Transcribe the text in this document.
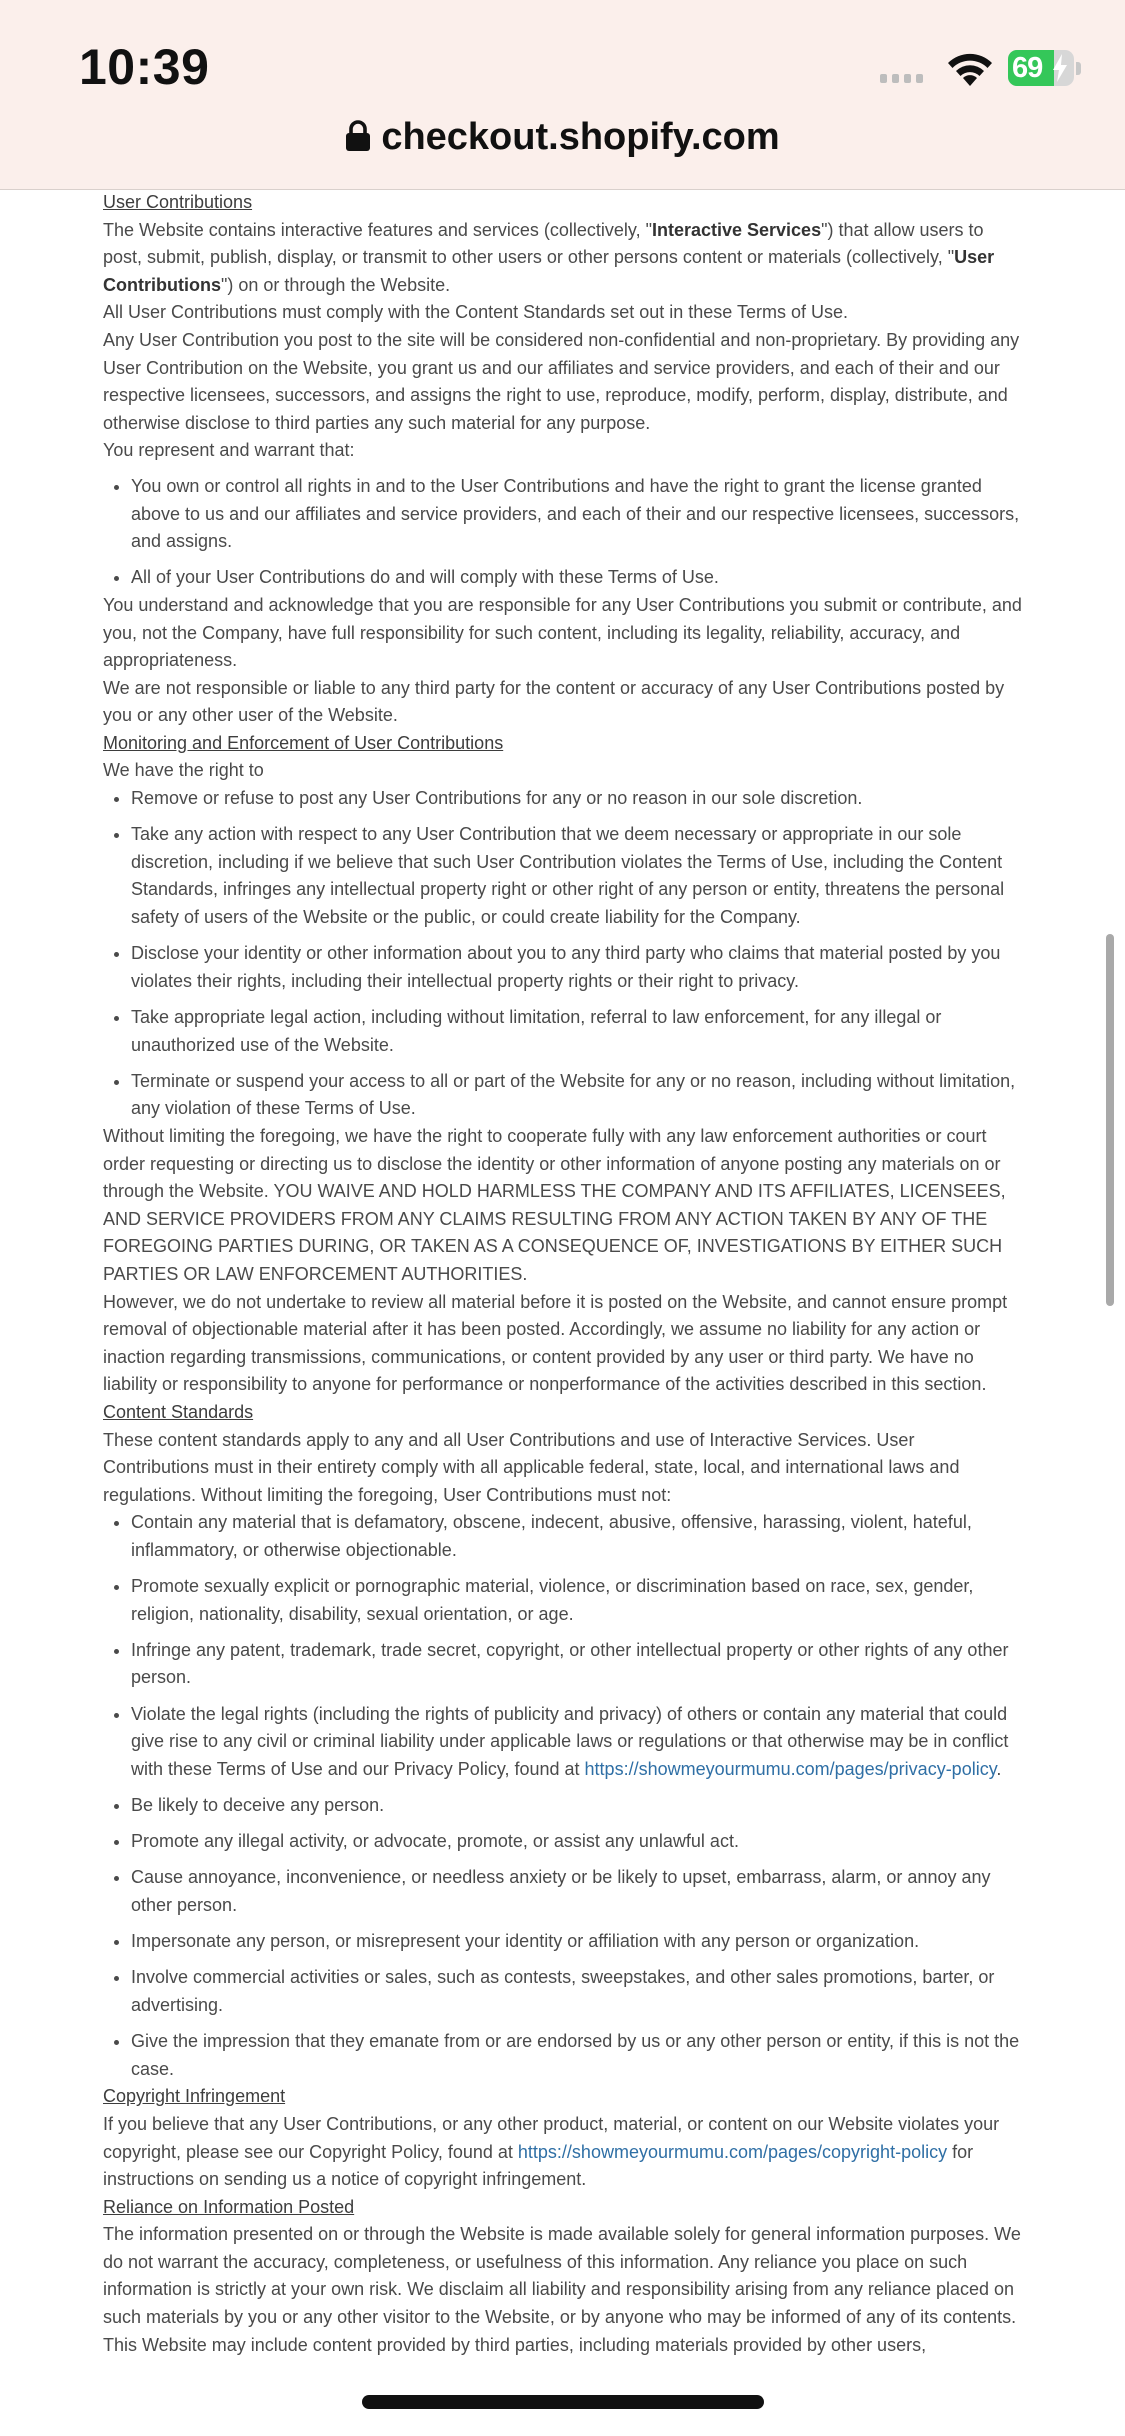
10:39	69
checkout.shopify.com
User Contributions

The Website contains interactive features and services (collectively, "Interactive Services") that allow users to post, submit, publish, display, or transmit to other users or other persons content or materials (collectively, "User Contributions") on or through the Website.

All User Contributions must comply with the Content Standards set out in these Terms of Use.

Any User Contribution you post to the site will be considered non-confidential and non-proprietary. By providing any User Contribution on the Website, you grant us and our affiliates and service providers, and each of their and our respective licensees, successors, and assigns the right to use, reproduce, modify, perform, display, distribute, and otherwise disclose to third parties any such material for any purpose.

You represent and warrant that:

• You own or control all rights in and to the User Contributions and have the right to grant the license granted above to us and our affiliates and service providers, and each of their and our respective licensees, successors, and assigns.
• All of your User Contributions do and will comply with these Terms of Use.

You understand and acknowledge that you are responsible for any User Contributions you submit or contribute, and you, not the Company, have full responsibility for such content, including its legality, reliability, accuracy, and appropriateness.

We are not responsible or liable to any third party for the content or accuracy of any User Contributions posted by you or any other user of the Website.

Monitoring and Enforcement of User Contributions

We have the right to

• Remove or refuse to post any User Contributions for any or no reason in our sole discretion.
• Take any action with respect to any User Contribution that we deem necessary or appropriate in our sole discretion, including if we believe that such User Contribution violates the Terms of Use, including the Content Standards, infringes any intellectual property right or other right of any person or entity, threatens the personal safety of users of the Website or the public, or could create liability for the Company.
• Disclose your identity or other information about you to any third party who claims that material posted by you violates their rights, including their intellectual property rights or their right to privacy.
• Take appropriate legal action, including without limitation, referral to law enforcement, for any illegal or unauthorized use of the Website.
• Terminate or suspend your access to all or part of the Website for any or no reason, including without limitation, any violation of these Terms of Use.

Without limiting the foregoing, we have the right to cooperate fully with any law enforcement authorities or court order requesting or directing us to disclose the identity or other information of anyone posting any materials on or through the Website. YOU WAIVE AND HOLD HARMLESS THE COMPANY AND ITS AFFILIATES, LICENSEES, AND SERVICE PROVIDERS FROM ANY CLAIMS RESULTING FROM ANY ACTION TAKEN BY ANY OF THE FOREGOING PARTIES DURING, OR TAKEN AS A CONSEQUENCE OF, INVESTIGATIONS BY EITHER SUCH PARTIES OR LAW ENFORCEMENT AUTHORITIES.

However, we do not undertake to review all material before it is posted on the Website, and cannot ensure prompt removal of objectionable material after it has been posted. Accordingly, we assume no liability for any action or inaction regarding transmissions, communications, or content provided by any user or third party. We have no liability or responsibility to anyone for performance or nonperformance of the activities described in this section.

Content Standards

These content standards apply to any and all User Contributions and use of Interactive Services. User Contributions must in their entirety comply with all applicable federal, state, local, and international laws and regulations. Without limiting the foregoing, User Contributions must not:

• Contain any material that is defamatory, obscene, indecent, abusive, offensive, harassing, violent, hateful, inflammatory, or otherwise objectionable.
• Promote sexually explicit or pornographic material, violence, or discrimination based on race, sex, gender, religion, nationality, disability, sexual orientation, or age.
• Infringe any patent, trademark, trade secret, copyright, or other intellectual property or other rights of any other person.
• Violate the legal rights (including the rights of publicity and privacy) of others or contain any material that could give rise to any civil or criminal liability under applicable laws or regulations or that otherwise may be in conflict with these Terms of Use and our Privacy Policy, found at https://showmeyourmumu.com/pages/privacy-policy.
• Be likely to deceive any person.
• Promote any illegal activity, or advocate, promote, or assist any unlawful act.
• Cause annoyance, inconvenience, or needless anxiety or be likely to upset, embarrass, alarm, or annoy any other person.
• Impersonate any person, or misrepresent your identity or affiliation with any person or organization.
• Involve commercial activities or sales, such as contests, sweepstakes, and other sales promotions, barter, or advertising.
• Give the impression that they emanate from or are endorsed by us or any other person or entity, if this is not the case.
Copyright Infringement

If you believe that any User Contributions, or any other product, material, or content on our Website violates your copyright, please see our Copyright Policy, found at https://showmeyourmumu.com/pages/copyright-policy for instructions on sending us a notice of copyright infringement.

Reliance on Information Posted

The information presented on or through the Website is made available solely for general information purposes. We do not warrant the accuracy, completeness, or usefulness of this information. Any reliance you place on such information is strictly at your own risk. We disclaim all liability and responsibility arising from any reliance placed on such materials by you or any other visitor to the Website, or by anyone who may be informed of any of its contents.

This Website may include content provided by third parties, including materials provided by other users,
